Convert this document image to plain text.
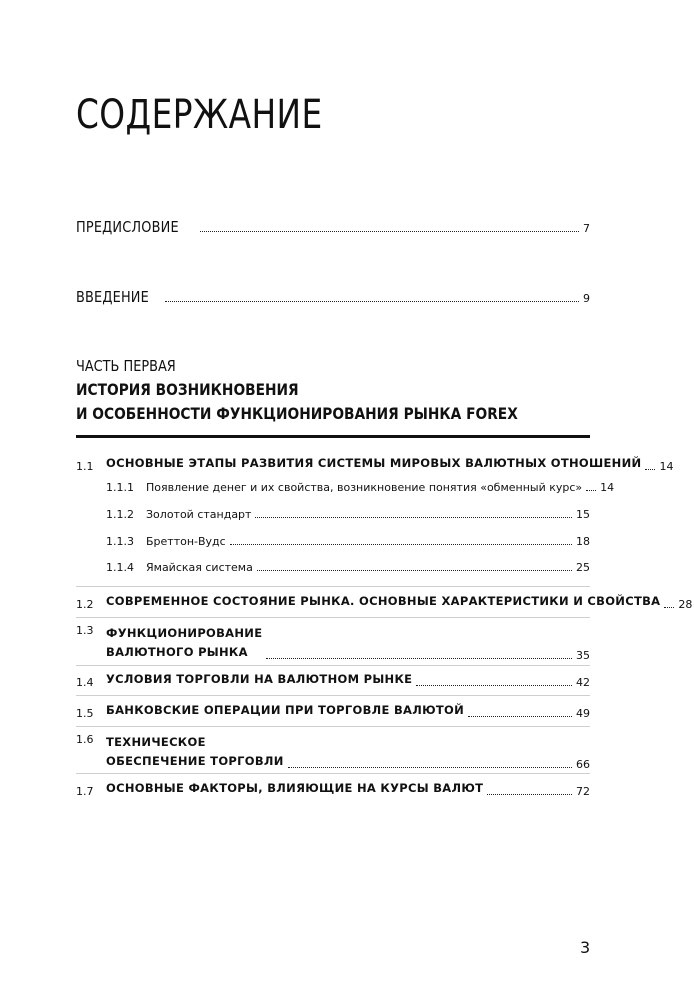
СОДЕРЖАНИЕ
ПРЕДИСЛОВИЕ	7
ВВЕДЕНИЕ	9
ЧАСТЬ ПЕРВАЯ
ИСТОРИЯ ВОЗНИКНОВЕНИЯ
И ОСОБЕННОСТИ ФУНКЦИОНИРОВАНИЯ РЫНКА FOREX
1.1	ОСНОВНЫЕ ЭТАПЫ РАЗВИТИЯ СИСТЕМЫ МИРОВЫХ ВАЛЮТНЫХ ОТНОШЕНИЙ 14
1.1.1	Появление денег и их свойства, возникновение понятия «обменный курс» 14
1.1.2	Золотой стандарт	15
1.1.3	Бреттон-Вудс	18
1.1.4	Ямайская система	25
1.2	СОВРЕМЕННОЕ СОСТОЯНИЕ РЫНКА. ОСНОВНЫЕ ХАРАКТЕРИСТИКИ И СВОЙСТВА 28
1.3	ФУНКЦИОНИРОВАНИЕ
ВАЛЮТНОГО РЫНКА	35
1.4	УСЛОВИЯ ТОРГОВЛИ НА ВАЛЮТНОМ РЫНКЕ	42
1.5	БАНКОВСКИЕ ОПЕРАЦИИ ПРИ ТОРГОВЛЕ ВАЛЮТОЙ	49
1.6	ТЕХНИЧЕСКОЕ
ОБЕСПЕЧЕНИЕ ТОРГОВЛИ	66
1.7	ОСНОВНЫЕ ФАКТОРЫ, ВЛИЯЮЩИЕ НА КУРСЫ ВАЛЮТ	72
3
